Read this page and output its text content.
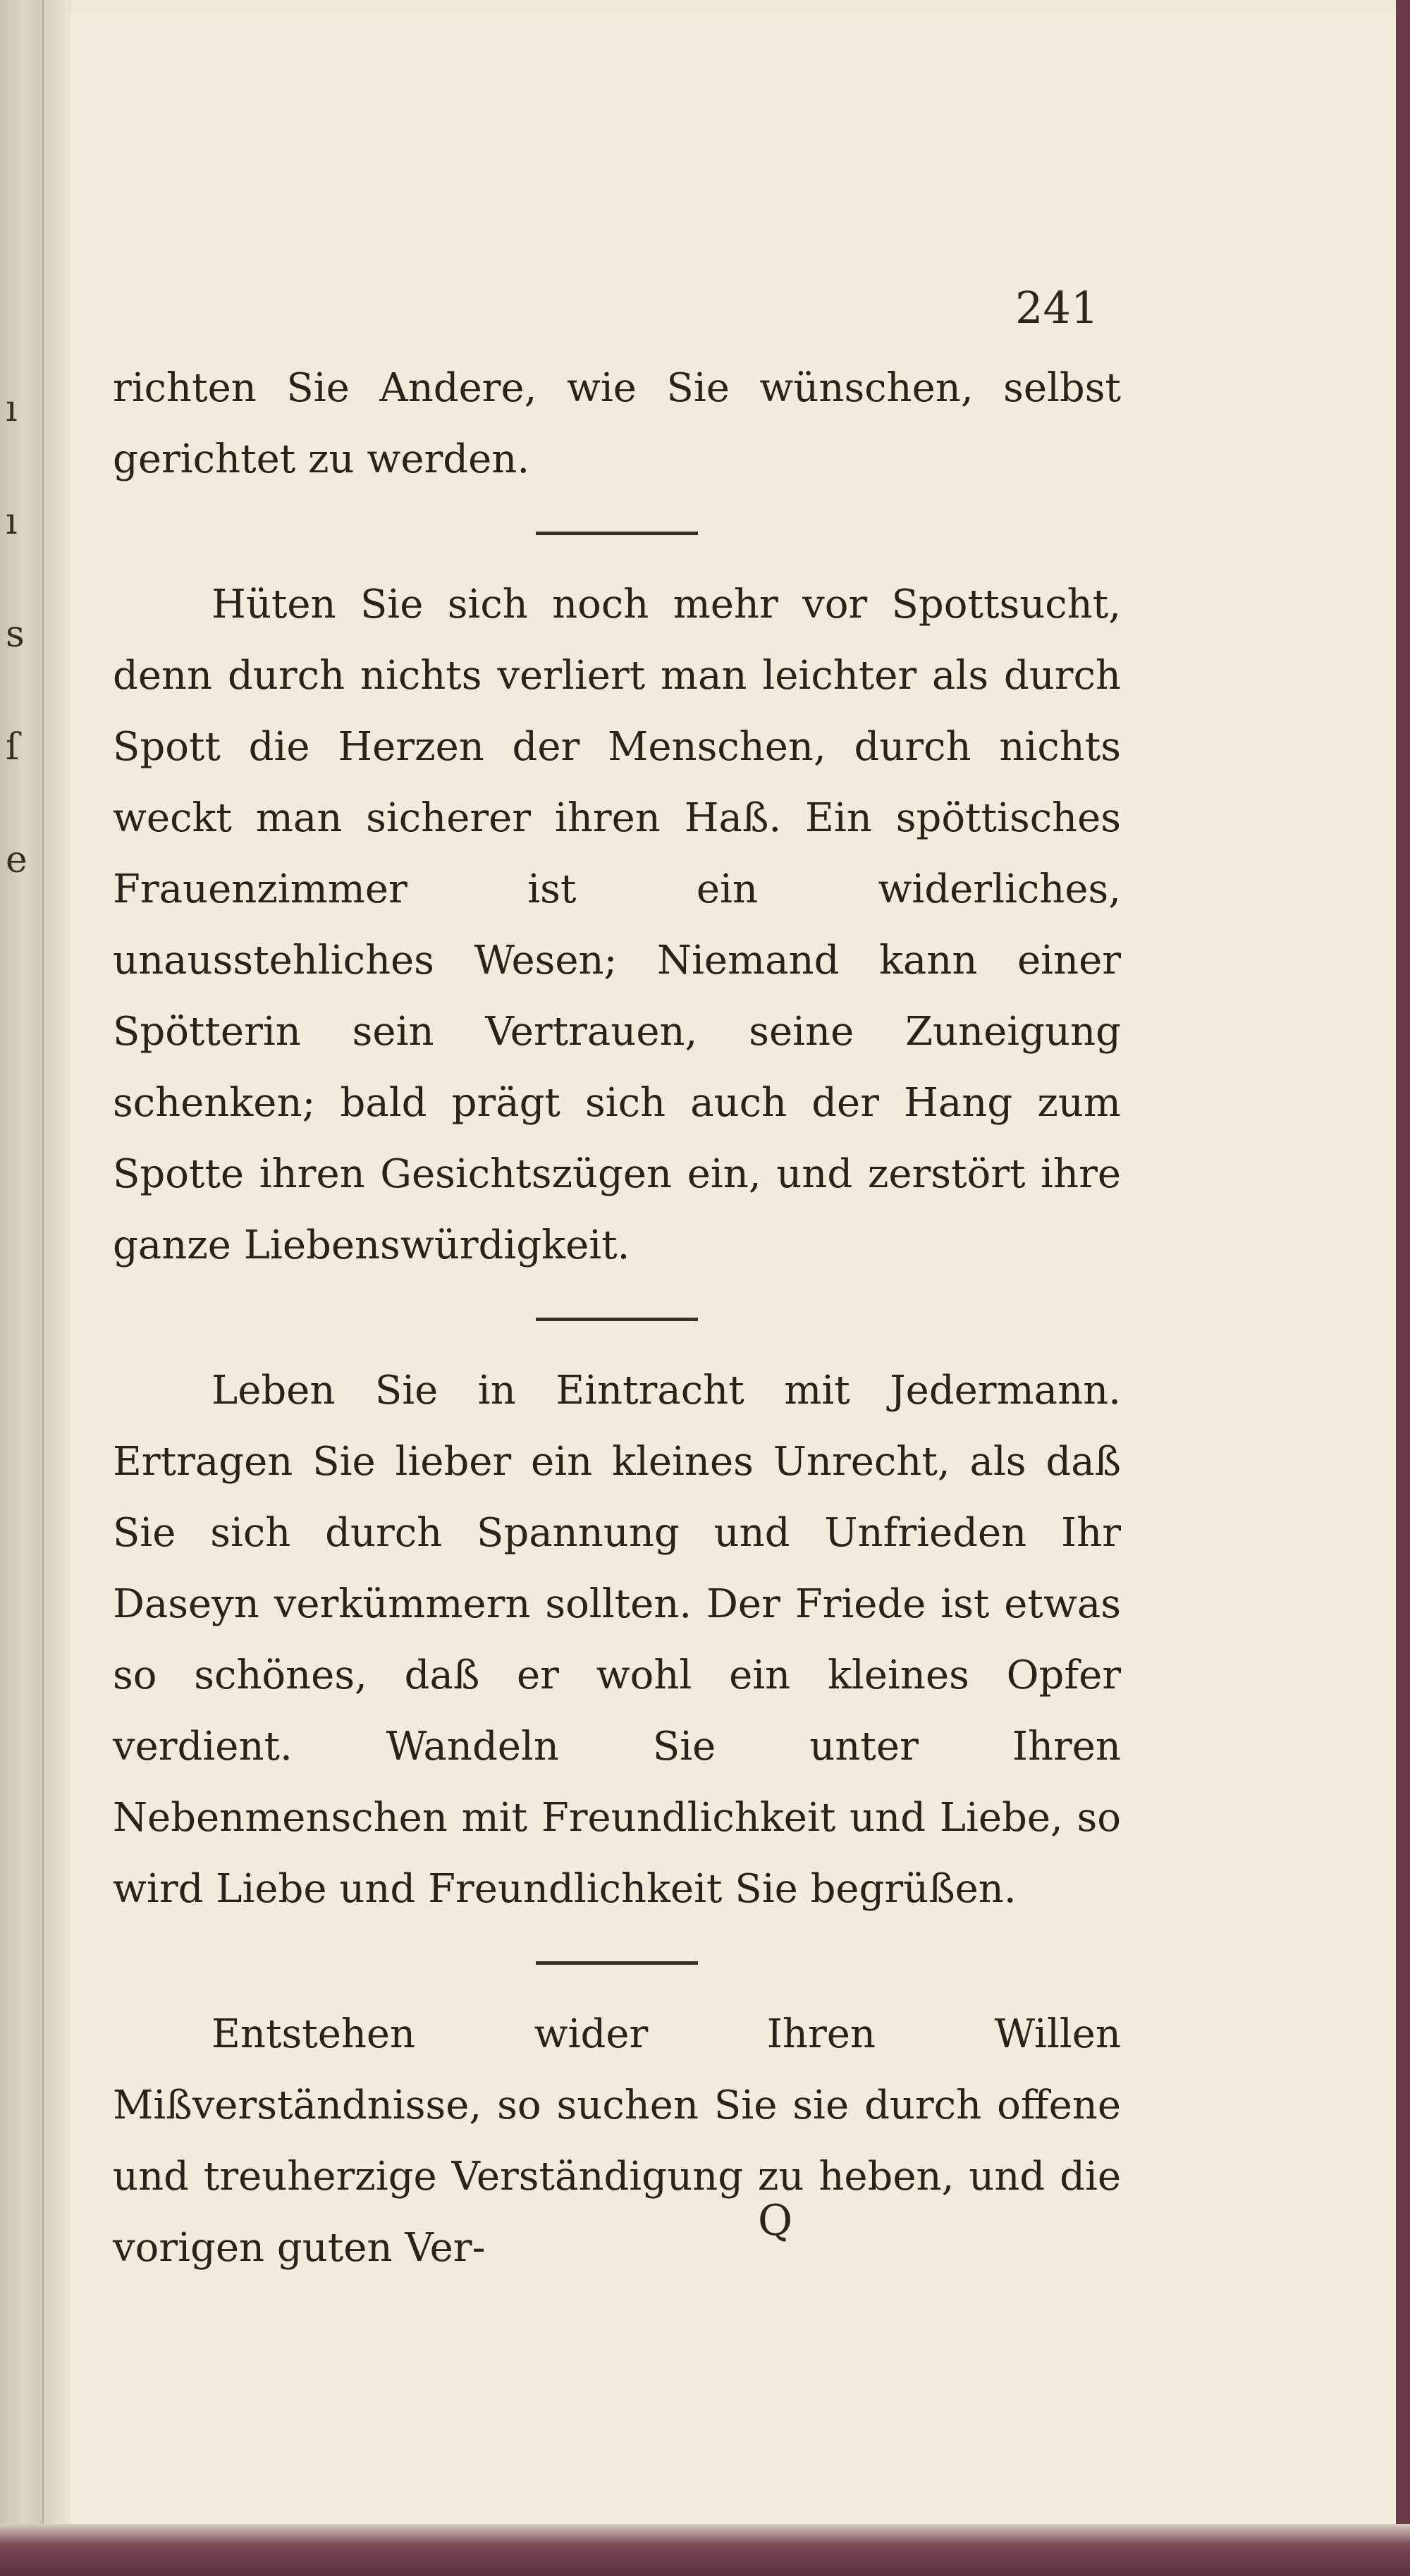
ı
ı
s
ſ
e
241

richten Sie Andere, wie Sie wünschen, selbst gerichtet zu werden.

Hüten Sie sich noch mehr vor Spottsucht, denn durch nichts verliert man leichter als durch Spott die Herzen der Menschen, durch nichts weckt man sicherer ihren Haß. Ein spöttisches Frauenzimmer ist ein widerliches, unausstehliches Wesen; Niemand kann einer Spötterin sein Vertrauen, seine Zuneigung schenken; bald prägt sich auch der Hang zum Spotte ihren Gesichtszügen ein, und zerstört ihre ganze Liebenswürdigkeit.

Leben Sie in Eintracht mit Jedermann. Ertragen Sie lieber ein kleines Unrecht, als daß Sie sich durch Spannung und Unfrieden Ihr Daseyn verkümmern sollten. Der Friede ist etwas so schönes, daß er wohl ein kleines Opfer verdient. Wandeln Sie unter Ihren Nebenmenschen mit Freundlichkeit und Liebe, so wird Liebe und Freundlichkeit Sie begrüßen.

Entstehen wider Ihren Willen Mißverständnisse, so suchen Sie sie durch offene und treuherzige Verständigung zu heben, und die vorigen guten Ver-

Q
